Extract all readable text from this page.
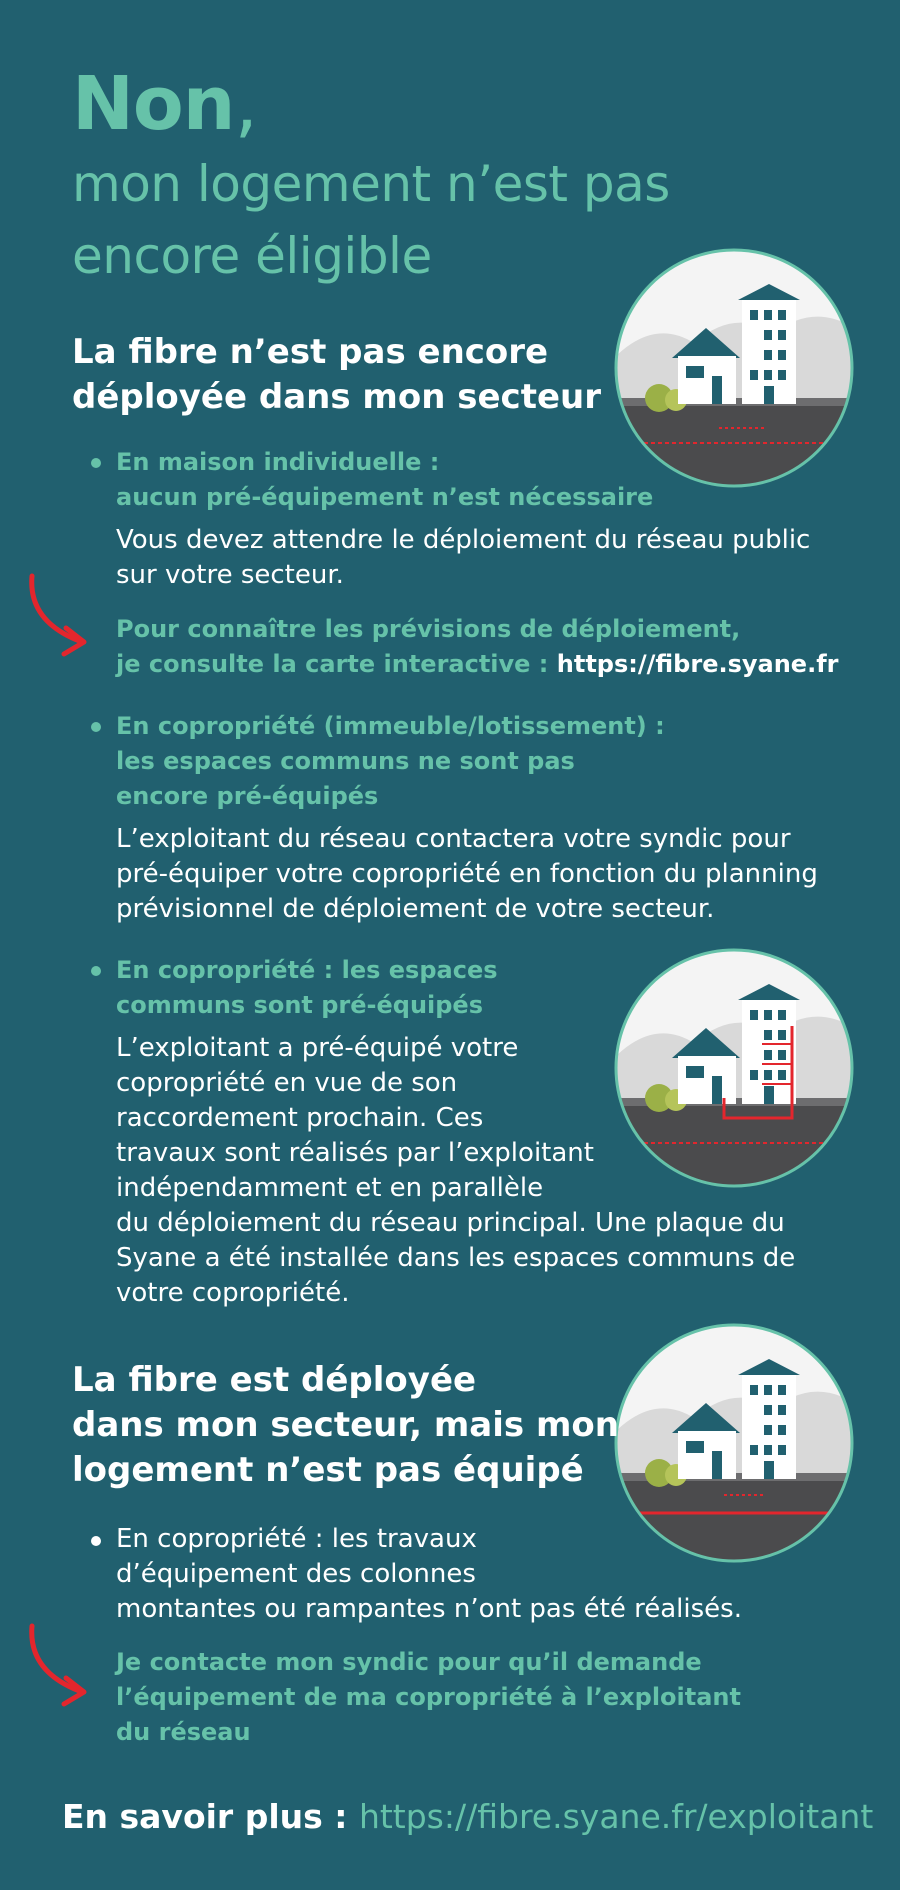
Non,
mon logement n’est pas
encore éligible
La fibre n’est pas encore
déployée dans mon secteur
En maison individuelle :
aucun pré-équipement n’est nécessaire
Vous devez attendre le déploiement du réseau public
sur votre secteur.
Pour connaître les prévisions de déploiement,
je consulte la carte interactive : https://fibre.syane.fr
En copropriété (immeuble/lotissement) :
les espaces communs ne sont pas
encore pré-équipés
L’exploitant du réseau contactera votre syndic pour
pré-équiper votre copropriété en fonction du planning
prévisionnel de déploiement de votre secteur.
En copropriété : les espaces
communs sont pré-équipés
L’exploitant a pré-équipé votre
copropriété en vue de son
raccordement prochain. Ces
travaux sont réalisés par l’exploitant
indépendamment et en parallèle
du déploiement du réseau principal. Une plaque du
Syane a été installée dans les espaces communs de
votre copropriété.
La fibre est déployée
dans mon secteur, mais mon
logement n’est pas équipé
En copropriété : les travaux
d’équipement des colonnes
montantes ou rampantes n’ont pas été réalisés.
Je contacte mon syndic pour qu’il demande
l’équipement de ma copropriété à l’exploitant
du réseau
En savoir plus : https://fibre.syane.fr/exploitant
